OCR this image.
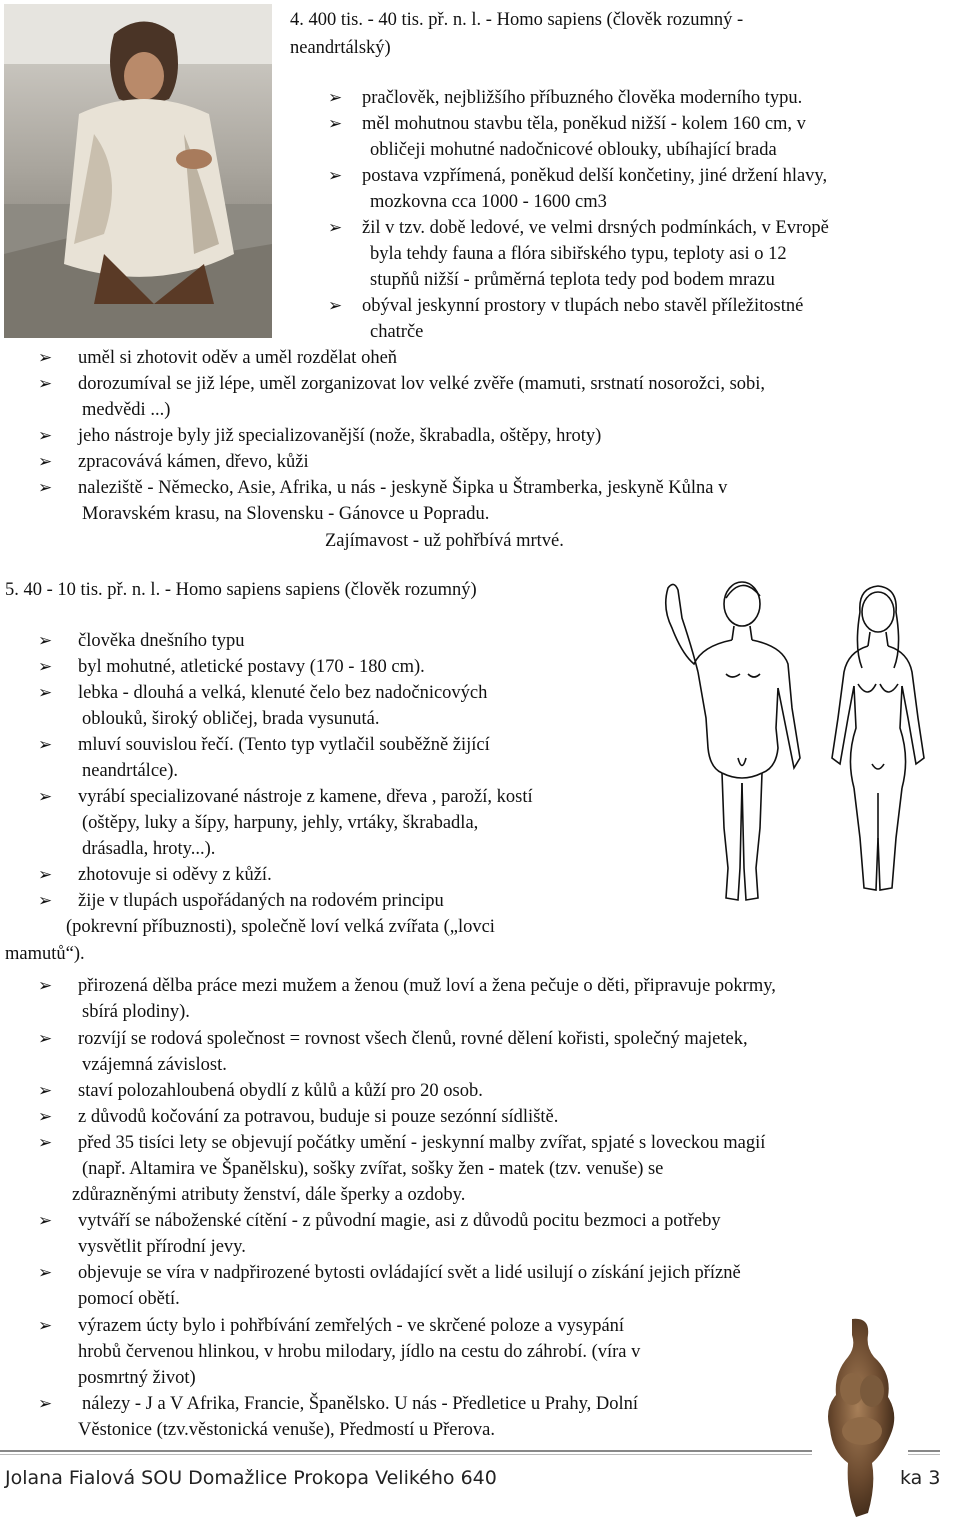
4. 400 tis. - 40 tis. př. n. l. - Homo sapiens (člověk rozumný -
neandrtálský)
➢ pračlověk, nejbližšího příbuzného člověka moderního typu.
➢ měl mohutnou stavbu těla, poněkud nižší - kolem 160 cm, v
obličeji mohutné nadočnicové oblouky, ubíhající brada
➢ postava vzpřímená, poněkud delší končetiny, jiné držení hlavy,
mozkovna cca 1000 - 1600 cm3
➢ žil v tzv. době ledové, ve velmi drsných podmínkách, v Evropě
byla tehdy fauna a flóra sibiřského typu, teploty asi o 12
stupňů nižší - průměrná teplota tedy pod bodem mrazu
➢ obýval jeskynní prostory v tlupách nebo stavěl příležitostné
chatrče
➢ uměl si zhotovit oděv a uměl rozdělat oheň
➢ dorozumíval se již lépe, uměl zorganizovat lov velké zvěře (mamuti, srstnatí nosorožci, sobi,
medvědi ...)
➢ jeho nástroje byly již specializovanější (nože, škrabadla, oštěpy, hroty)
➢ zpracovává kámen, dřevo, kůži
➢ naleziště - Německo, Asie, Afrika, u nás - jeskyně Šipka u Štramberka, jeskyně Kůlna v
Moravském krasu, na Slovensku - Gánovce u Popradu.
Zajímavost - už pohřbívá mrtvé.
5. 40 - 10 tis. př. n. l. - Homo sapiens sapiens (člověk rozumný)
➢ člověka dnešního typu
➢ byl mohutné, atletické postavy (170 - 180 cm).
➢ lebka - dlouhá a velká, klenuté čelo bez nadočnicových
oblouků, široký obličej, brada vysunutá.
➢ mluví souvislou řečí. (Tento typ vytlačil souběžně žijící
neandrtálce).
➢ vyrábí specializované nástroje z kamene, dřeva , paroží, kostí
(oštěpy, luky a šípy, harpuny, jehly, vrtáky, škrabadla,
drásadla, hroty...).
➢ zhotovuje si oděvy z kůží.
➢ žije v tlupách uspořádaných na rodovém principu
(pokrevní příbuznosti), společně loví velká zvířata („lovci
mamutů“).
➢ přirozená dělba práce mezi mužem a ženou (muž loví a žena pečuje o děti, připravuje pokrmy,
sbírá plodiny).
➢ rozvíjí se rodová společnost = rovnost všech členů, rovné dělení kořisti, společný majetek,
vzájemná závislost.
➢ staví polozahloubená obydlí z kůlů a kůží pro 20 osob.
➢ z důvodů kočování za potravou, buduje si pouze sezónní sídliště.
➢ před 35 tisíci lety se objevují počátky umění - jeskynní malby zvířat, spjaté s loveckou magií
(např. Altamira ve Španělsku), sošky zvířat, sošky žen - matek (tzv. venuše) se
zdůrazněnými atributy ženství, dále šperky a ozdoby.
➢ vytváří se náboženské cítění - z původní magie, asi z důvodů pocitu bezmoci a potřeby
vysvětlit přírodní jevy.
➢ objevuje se víra v nadpřirozené bytosti ovládající svět a lidé usilují o získání jejich přízně
pomocí obětí.
➢ výrazem úcty bylo i pohřbívání zemřelých - ve skrčené poloze a vysypání
hrobů červenou hlinkou, v hrobu milodary, jídlo na cestu do záhrobí. (víra v
posmrtný život)
➢ nálezy - J a V Afrika, Francie, Španělsko. U nás - Předletice u Prahy, Dolní
Věstonice (tzv.věstonická venuše), Předmostí u Přerova.
Jolana Fialová SOU Domažlice Prokopa Velikého 640	ka 3
